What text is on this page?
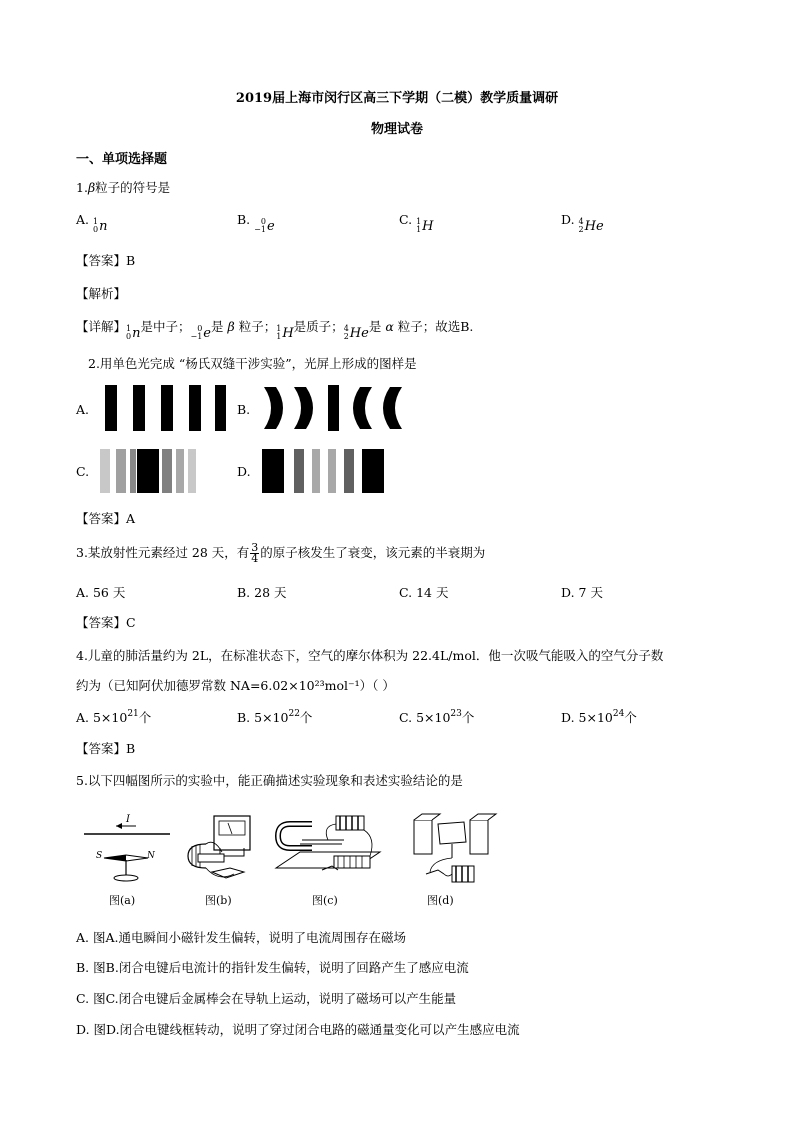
2019届上海市闵行区高三下学期（二模）教学质量调研
物理试卷
一、单项选择题
1.β粒子的符号是
A. 1
0 n	B.	0
−1 e	C. 1
1 H	D. 4
2 He
【答案】B
【解析】
【详解】 1
0 n 是中子； 0
−1 e 是 β 粒子； 1
1 H 是质子； 4
2 He 是 α 粒子；故选B.
2.用单色光完成 “杨氏双缝干涉实验”，光屏上形成的图样是
A.	B.
C.	D.
【答案】A
3.某放射性元素经过 28 天，有 $\frac{3}{4}$ 的原子核发生了衰变，该元素的半衰期为
A. 56 天	B. 28 天	C. 14 天	D. 7 天
【答案】C
4.儿童的肺活量约为 2L，在标准状态下，空气的摩尔体积为 22.4L/mol．他一次吸气能吸入的空气分子数
约为（已知阿伏加德罗常数 NA=6.02×10²³mol⁻¹）（ ）
A. $5\times 10^{21}$个	B. $5\times 10^{22}$个	C. $5\times 10^{23}$个	D. $5\times 10^{24}$个
【答案】B
5.以下四幅图所示的实验中，能正确描述实验现象和表述实验结论的是
I
S	N
图(a)	图(b)	图(c)	图(d)
A. 图A.通电瞬间小磁针发生偏转，说明了电流周围存在磁场
B. 图B.闭合电键后电流计的指针发生偏转，说明了回路产生了感应电流
C. 图C.闭合电键后金属棒会在导轨上运动，说明了磁场可以产生能量
D. 图D.闭合电键线框转动，说明了穿过闭合电路的磁通量变化可以产生感应电流
